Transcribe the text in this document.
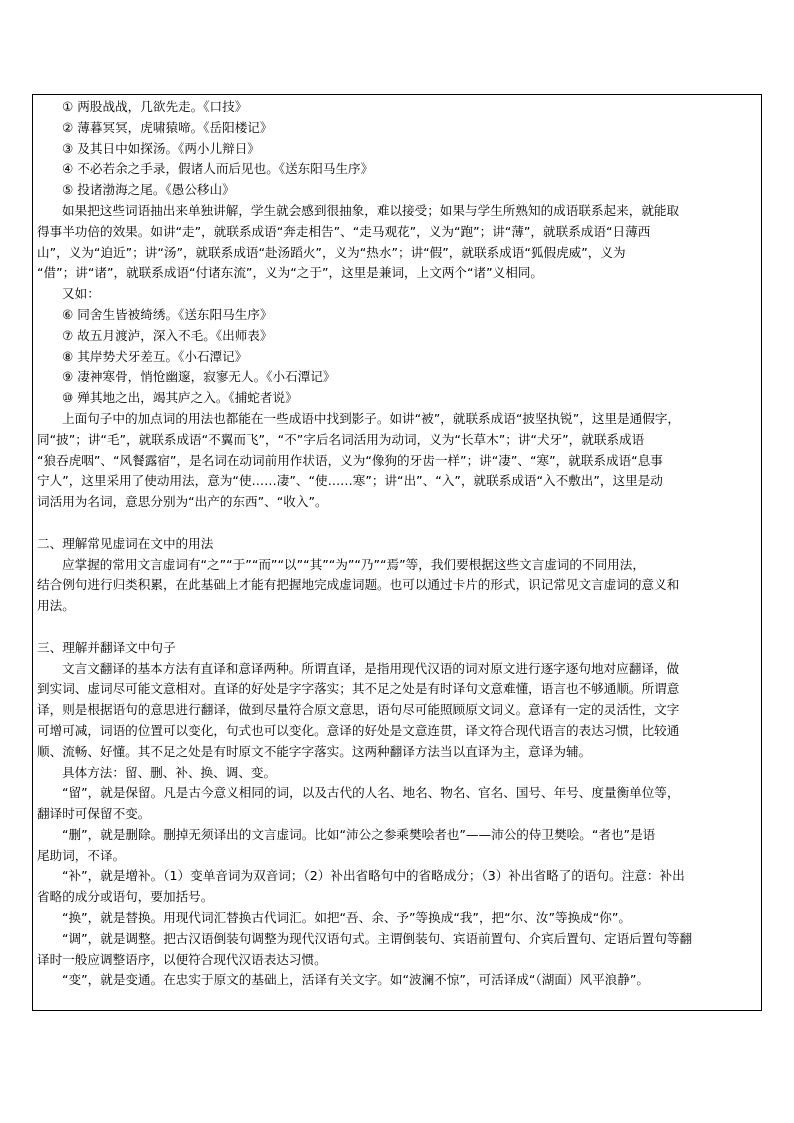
① 两股战战，几欲先走。《口技》
② 薄暮冥冥，虎啸猿啼。《岳阳楼记》
③ 及其日中如探汤。《两小儿辩日》
④ 不必若余之手录，假诸人而后见也。《送东阳马生序》
⑤ 投诸渤海之尾。《愚公移山》
如果把这些词语抽出来单独讲解，学生就会感到很抽象，难以接受；如果与学生所熟知的成语联系起来，就能取
得事半功倍的效果。如讲“走”，就联系成语“奔走相告”、“走马观花”，义为“跑”；讲“薄”，就联系成语“日薄西
山”，义为“迫近”；讲“汤”，就联系成语“赴汤蹈火”，义为“热水”；讲“假”，就联系成语“狐假虎威”，义为
“借”；讲“诸”，就联系成语“付诸东流”，义为“之于”，这里是兼词，上文两个“诸”义相同。
又如：
⑥ 同舍生皆被绮绣。《送东阳马生序》
⑦ 故五月渡泸，深入不毛。《出师表》
⑧ 其岸势犬牙差互。《小石潭记》
⑨ 凄神寒骨，悄怆幽邃，寂寥无人。《小石潭记》
⑩ 殚其地之出，竭其庐之入。《捕蛇者说》
上面句子中的加点词的用法也都能在一些成语中找到影子。如讲“被”，就联系成语“披坚执锐”，这里是通假字，
同“披”；讲“毛”，就联系成语“不翼而飞”，“不”字后名词活用为动词，义为“长草木”；讲“犬牙”，就联系成语
“狼吞虎咽”、“风餐露宿”，是名词在动词前用作状语，义为“像狗的牙齿一样”；讲“凄”、“寒”，就联系成语“息事
宁人”，这里采用了使动用法，意为“使……凄”、“使……寒”；讲“出”、“入”，就联系成语“入不敷出”，这里是动
词活用为名词，意思分别为“出产的东西”、“收入”。
二、理解常见虚词在文中的用法
应掌握的常用文言虚词有“之”“于”“而”“以”“其”“为”“乃”“焉”等，我们要根据这些文言虚词的不同用法，
结合例句进行归类积累，在此基础上才能有把握地完成虚词题。也可以通过卡片的形式，识记常见文言虚词的意义和
用法。
三、理解并翻译文中句子
文言文翻译的基本方法有直译和意译两种。所谓直译，是指用现代汉语的词对原文进行逐字逐句地对应翻译，做
到实词、虚词尽可能文意相对。直译的好处是字字落实；其不足之处是有时译句文意难懂，语言也不够通顺。所谓意
译，则是根据语句的意思进行翻译，做到尽量符合原文意思，语句尽可能照顾原文词义。意译有一定的灵活性，文字
可增可减，词语的位置可以变化，句式也可以变化。意译的好处是文意连贯，译文符合现代语言的表达习惯，比较通
顺、流畅、好懂。其不足之处是有时原文不能字字落实。这两种翻译方法当以直译为主，意译为辅。
具体方法：留、删、补、换、调、变。
“留”，就是保留。凡是古今意义相同的词，以及古代的人名、地名、物名、官名、国号、年号、度量衡单位等，
翻译时可保留不变。
“删”，就是删除。删掉无须译出的文言虚词。比如“沛公之参乘樊哙者也”——沛公的侍卫樊哙。“者也”是语
尾助词，不译。
“补”，就是增补。（1）变单音词为双音词；（2）补出省略句中的省略成分；（3）补出省略了的语句。注意：补出
省略的成分或语句，要加括号。
“换”，就是替换。用现代词汇替换古代词汇。如把“吾、余、予”等换成“我”，把“尔、汝”等换成“你”。
“调”，就是调整。把古汉语倒装句调整为现代汉语句式。主谓倒装句、宾语前置句、介宾后置句、定语后置句等翻
译时一般应调整语序，以便符合现代汉语表达习惯。
“变”，就是变通。在忠实于原文的基础上，活译有关文字。如“波澜不惊”，可活译成“（湖面）风平浪静”。
